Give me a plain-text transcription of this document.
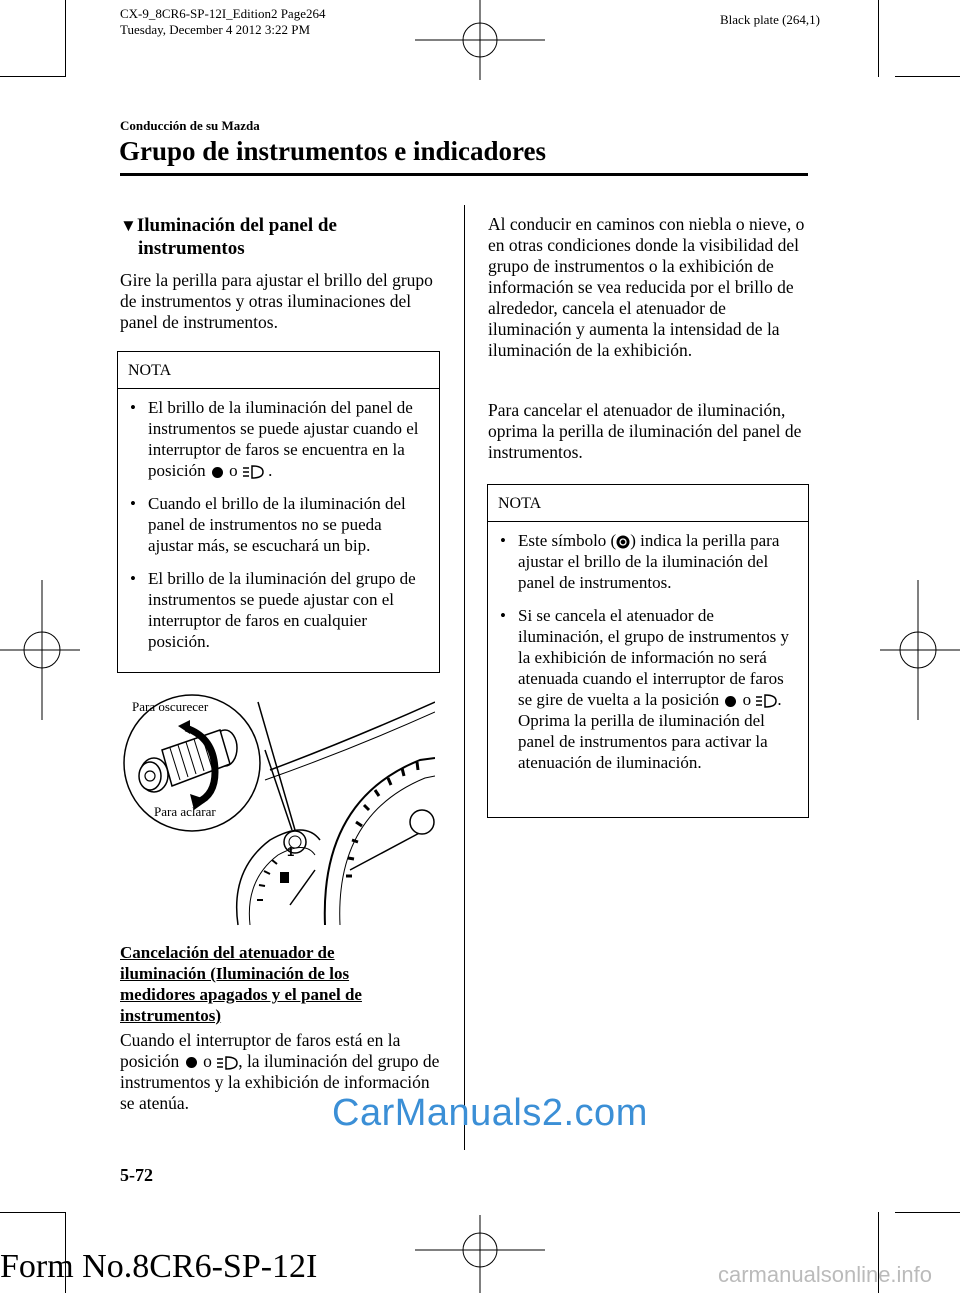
CX-9_8CR6-SP-12I_Edition2 Page264
Tuesday, December 4 2012 3:22 PM
Black plate (264,1)
Conducción de su Mazda
Grupo de instrumentos e indicadores
▼Iluminación del panel de
instrumentos
Gire la perilla para ajustar el brillo del grupo de instrumentos y otras iluminaciones del panel de instrumentos.
NOTA
• El brillo de la iluminación del panel de instrumentos se puede ajustar cuando el interruptor de faros se encuentra en la posición o .
• Cuando el brillo de la iluminación del panel de instrumentos no se pueda ajustar más, se escuchará un bip.
• El brillo de la iluminación del grupo de instrumentos se puede ajustar con el interruptor de faros en cualquier posición.
1
Para oscurecer
Para aclarar
Cancelación del atenuador de iluminación (Iluminación de los medidores apagados y el panel de instrumentos)
Cuando el interruptor de faros está en la posición o , la iluminación del grupo de instrumentos y la exhibición de información se atenúa.
Al conducir en caminos con niebla o nieve, o en otras condiciones donde la visibilidad del grupo de instrumentos o la exhibición de información se vea reducida por el brillo de alrededor, cancela el atenuador de iluminación y aumenta la intensidad de la iluminación de la exhibición.
Para cancelar el atenuador de iluminación, oprima la perilla de iluminación del panel de instrumentos.
NOTA
• Este símbolo ( ) indica la perilla para ajustar el brillo de la iluminación del panel de instrumentos.
• Si se cancela el atenuador de iluminación, el grupo de instrumentos y la exhibición de información no será atenuada cuando el interruptor de faros se gire de vuelta a la posición o . Oprima la perilla de iluminación del panel de instrumentos para activar la atenuación de iluminación.
CarManuals2.com
5-72
Form No.8CR6-SP-12I	carmanualsonline.info
